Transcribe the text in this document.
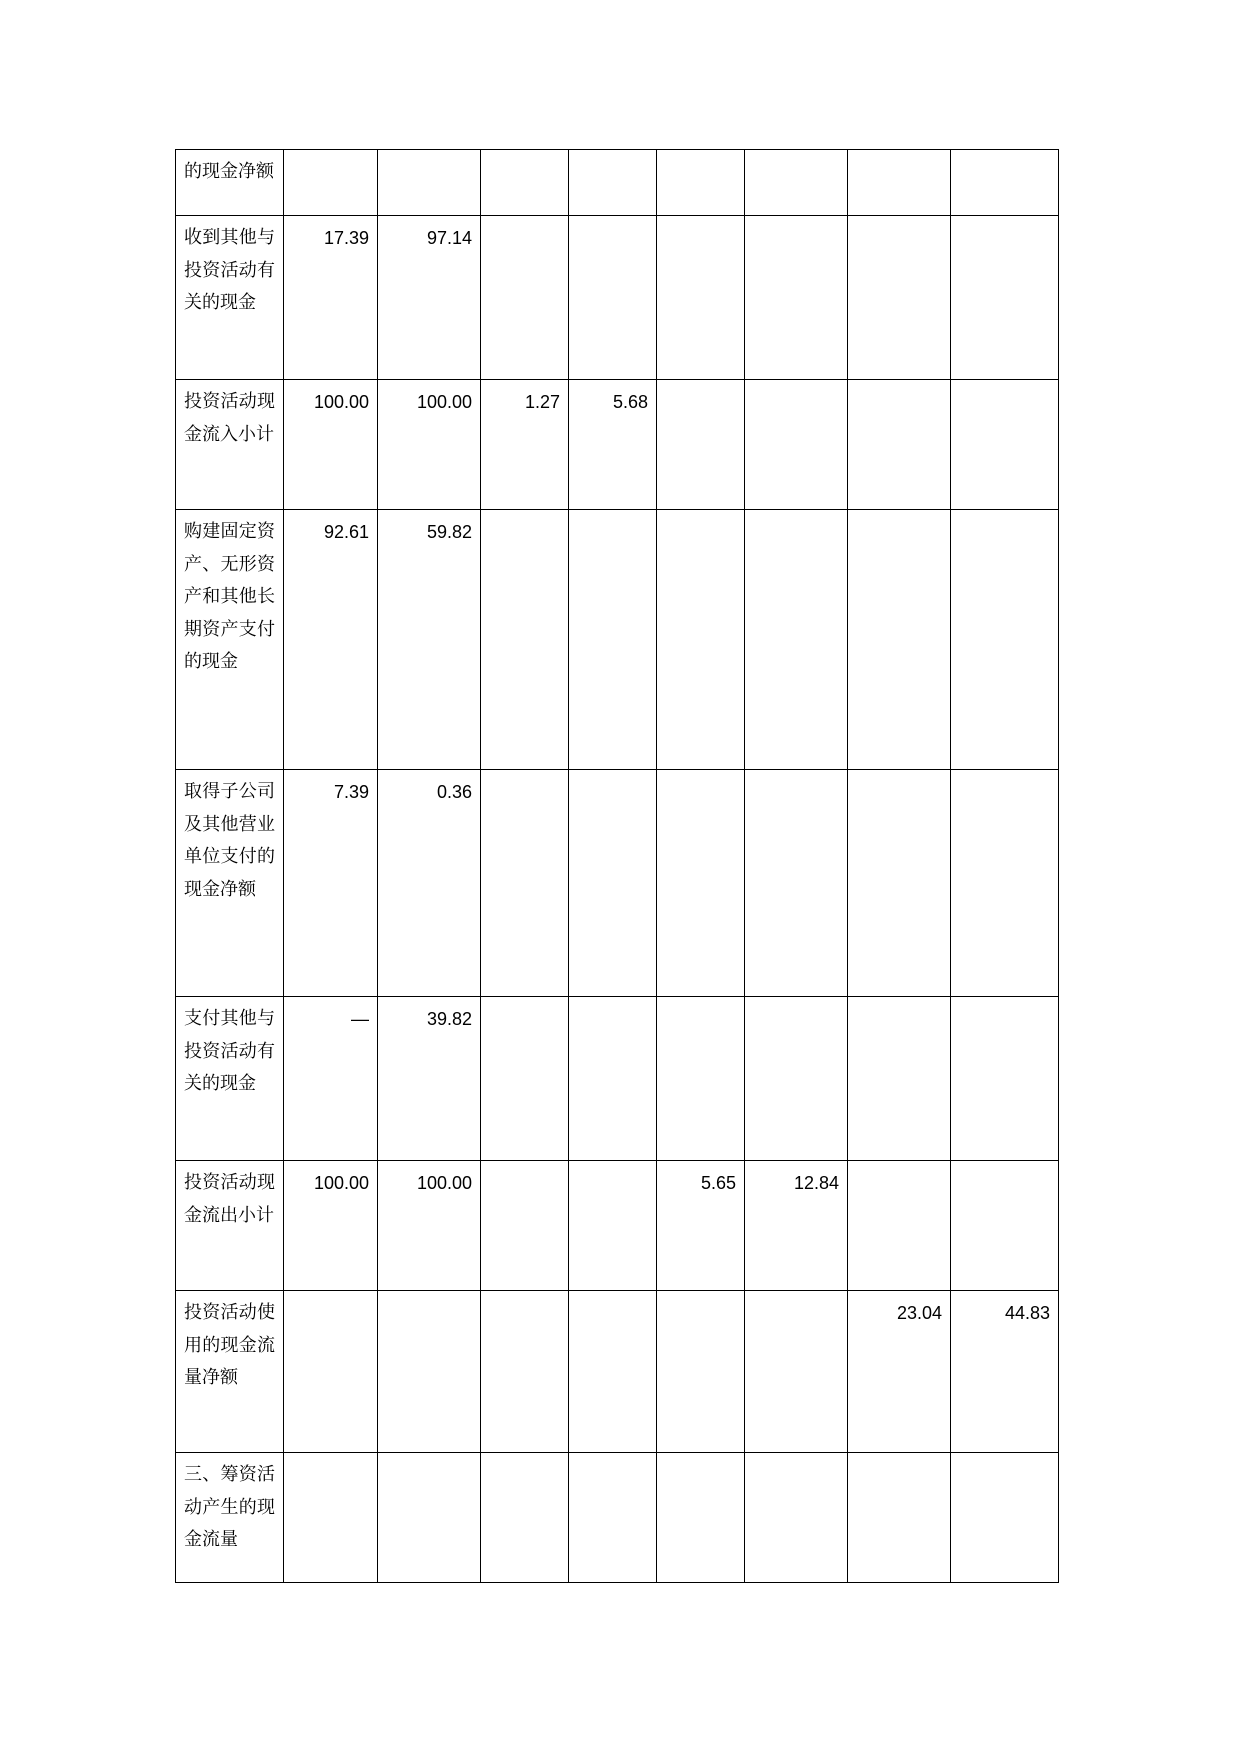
的现金净额								
收到其他与投资活动有关的现金	17.39	97.14						
投资活动现金流入小计	100.00	100.00	1.27	5.68				
购建固定资产、无形资产和其他长期资产支付的现金	92.61	59.82						
取得子公司及其他营业单位支付的现金净额	7.39	0.36						
支付其他与投资活动有关的现金	—	39.82						
投资活动现金流出小计	100.00	100.00			5.65	12.84		
投资活动使用的现金流量净额							23.04	44.83
三、筹资活动产生的现金流量								
